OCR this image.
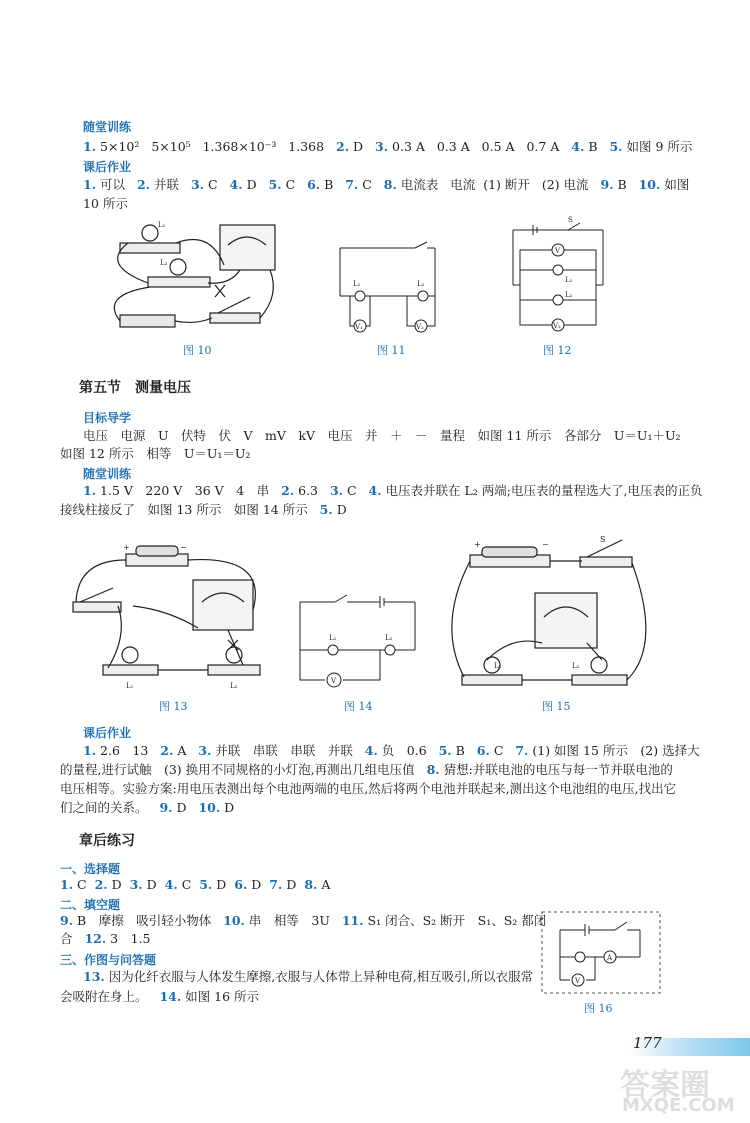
随堂训练
1. 5×10² 5×10⁵ 1.368×10⁻³ 1.368 2. D 3. 0.3 A 0.3 A 0.5 A 0.7 A 4. B 5. 如图 9 所示
课后作业
1. 可以 2. 并联 3. C 4. D 5. C 6. B 7. C 8. 电流表 电流 (1) 断开 (2) 电流 9. B 10. 如图
10 所示
L₁
L₂
图 10
L₁	L₂
V₁	V₂
图 11
S
V
L₁
L₂
V₂
图 12
第五节　测量电压
目标导学
电压　电源　U　伏特　伏　V　mV　kV　电压　并　＋　－　量程　如图 11 所示　各部分　U＝U₁＋U₂
如图 12 所示　相等　U＝U₁＝U₂
随堂训练
1. 1.5 V　220 V　36 V　4　串 2. 6.3 3. C 4. 电压表并联在 L₂ 两端;电压表的量程选大了,电压表的正负
接线柱接反了　如图 13 所示　如图 14 所示 5. D
+	−
L₁	L₂
图 13
L₁	L₂
V
图 14
+	−
S
L₁	L₂
图 15
课后作业
1. 2.6　13 2. A 3. 并联　串联　串联　并联 4. 负　0.6 5. B 6. C 7. (1) 如图 15 所示　(2) 选择大
的量程,进行试触　(3) 换用不同规格的小灯泡,再测出几组电压值 8. 猜想:并联电池的电压与每一节并联电池的
电压相等。实验方案:用电压表测出每个电池两端的电压,然后将两个电池并联起来,测出这个电池组的电压,找出它
们之间的关系。 9. D 10. D
章后练习
一、选择题
1. C 2. D 3. D 4. C 5. D 6. D 7. D 8. A
二、填空题
9. B　摩擦　吸引轻小物体 10. 串　相等　3U 11. S₁ 闭合、S₂ 断开　S₁、S₂ 都闭
合 12. 3　1.5
三、作图与问答题
13. 因为化纤衣服与人体发生摩擦,衣服与人体带上异种电荷,相互吸引,所以衣服常
会吸附在身上。 14. 如图 16 所示
A
V
图 16
177
答案圈
MXQE.COM
